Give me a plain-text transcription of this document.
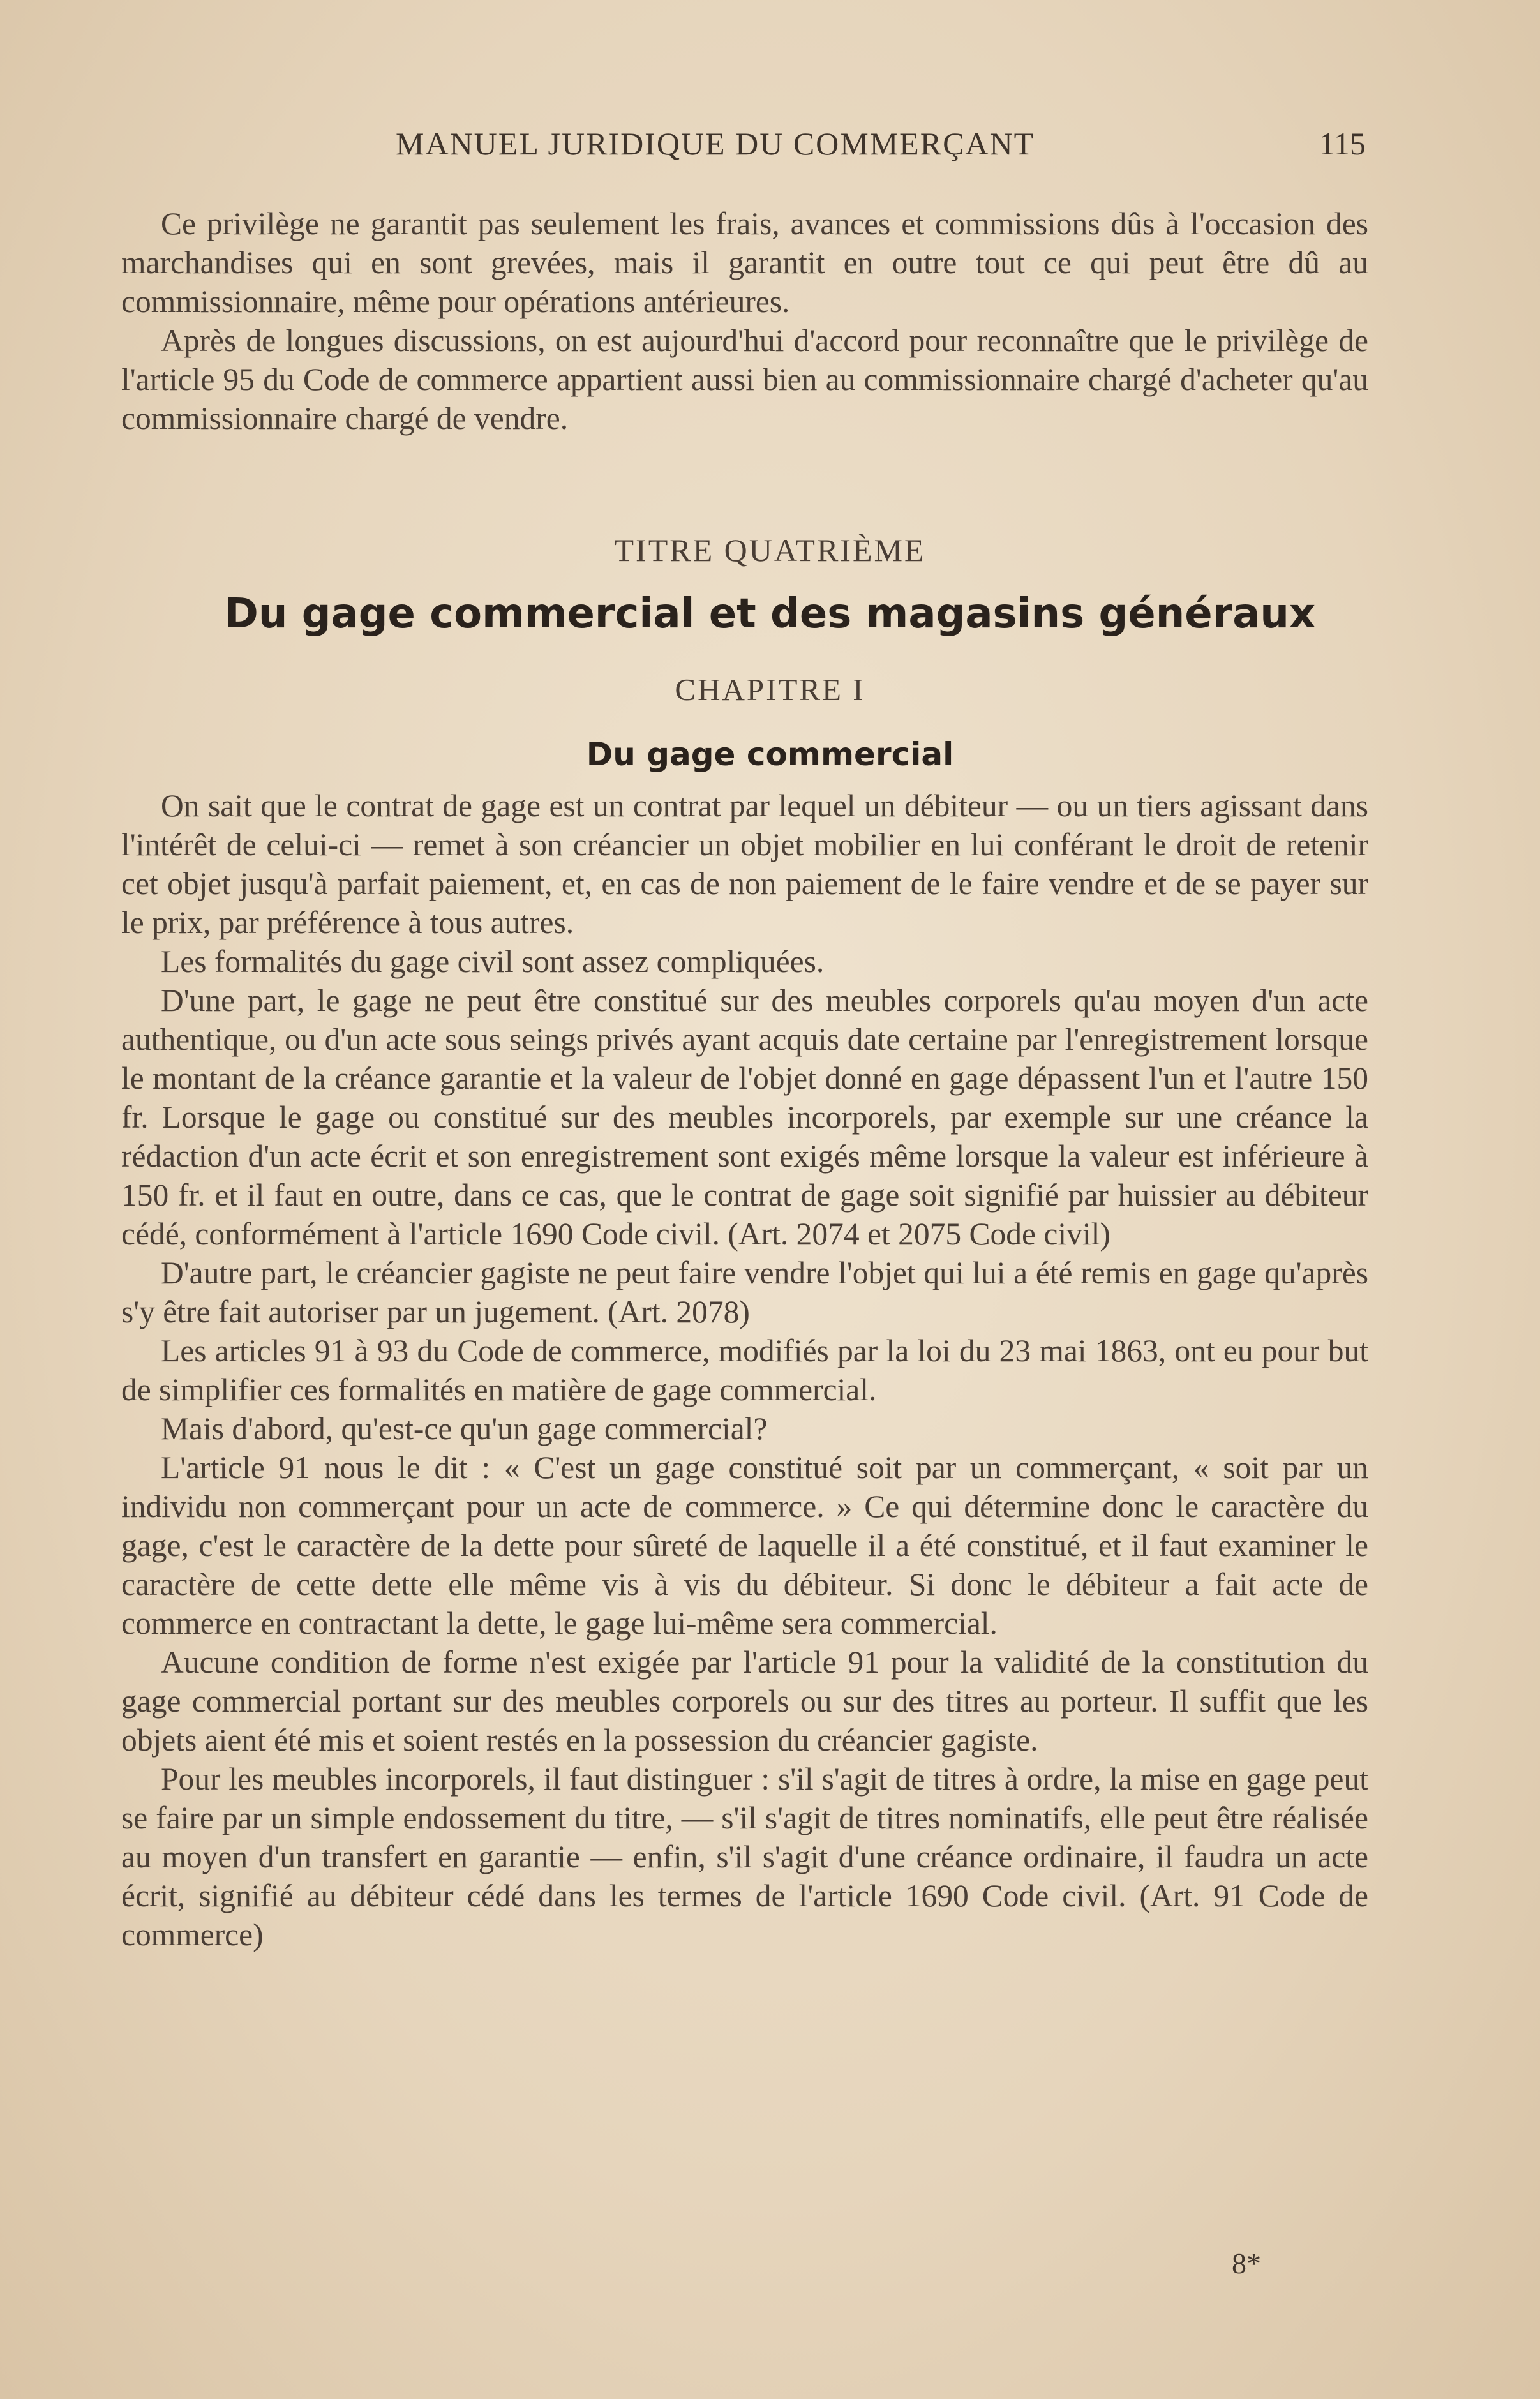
MANUEL JURIDIQUE DU COMMERÇANT	115

Ce privilège ne garantit pas seulement les frais, avances et commissions dûs à l'occasion des marchandises qui en sont grevées, mais il garantit en outre tout ce qui peut être dû au commissionnaire, même pour opérations antérieures.

Après de longues discussions, on est aujourd'hui d'accord pour reconnaître que le privilège de l'article 95 du Code de commerce appartient aussi bien au commissionnaire chargé d'acheter qu'au commissionnaire chargé de vendre.

TITRE QUATRIÈME
Du gage commercial et des magasins généraux
CHAPITRE I
Du gage commercial

On sait que le contrat de gage est un contrat par lequel un débiteur — ou un tiers agissant dans l'intérêt de celui-ci — remet à son créancier un objet mobilier en lui conférant le droit de retenir cet objet jusqu'à parfait paiement, et, en cas de non paiement de le faire vendre et de se payer sur le prix, par préférence à tous autres.

Les formalités du gage civil sont assez compliquées.

D'une part, le gage ne peut être constitué sur des meubles corporels qu'au moyen d'un acte authentique, ou d'un acte sous seings privés ayant acquis date certaine par l'enregistrement lorsque le montant de la créance garantie et la valeur de l'objet donné en gage dépassent l'un et l'autre 150 fr. Lorsque le gage ou constitué sur des meubles incorporels, par exemple sur une créance la rédaction d'un acte écrit et son enregistrement sont exigés même lorsque la valeur est inférieure à 150 fr. et il faut en outre, dans ce cas, que le contrat de gage soit signifié par huissier au débiteur cédé, conformément à l'article 1690 Code civil. (Art. 2074 et 2075 Code civil)

D'autre part, le créancier gagiste ne peut faire vendre l'objet qui lui a été remis en gage qu'après s'y être fait autoriser par un jugement. (Art. 2078)

Les articles 91 à 93 du Code de commerce, modifiés par la loi du 23 mai 1863, ont eu pour but de simplifier ces formalités en matière de gage commercial.

Mais d'abord, qu'est-ce qu'un gage commercial?

L'article 91 nous le dit : « C'est un gage constitué soit par un commerçant, « soit par un individu non commerçant pour un acte de commerce. » Ce qui détermine donc le caractère du gage, c'est le caractère de la dette pour sûreté de laquelle il a été constitué, et il faut examiner le caractère de cette dette elle même vis à vis du débiteur. Si donc le débiteur a fait acte de commerce en contractant la dette, le gage lui-même sera commercial.

Aucune condition de forme n'est exigée par l'article 91 pour la validité de la constitution du gage commercial portant sur des meubles corporels ou sur des titres au porteur. Il suffit que les objets aient été mis et soient restés en la possession du créancier gagiste.

Pour les meubles incorporels, il faut distinguer : s'il s'agit de titres à ordre, la mise en gage peut se faire par un simple endossement du titre, — s'il s'agit de titres nominatifs, elle peut être réalisée au moyen d'un transfert en garantie — enfin, s'il s'agit d'une créance ordinaire, il faudra un acte écrit, signifié au débiteur cédé dans les termes de l'article 1690 Code civil. (Art. 91 Code de commerce)

8*
